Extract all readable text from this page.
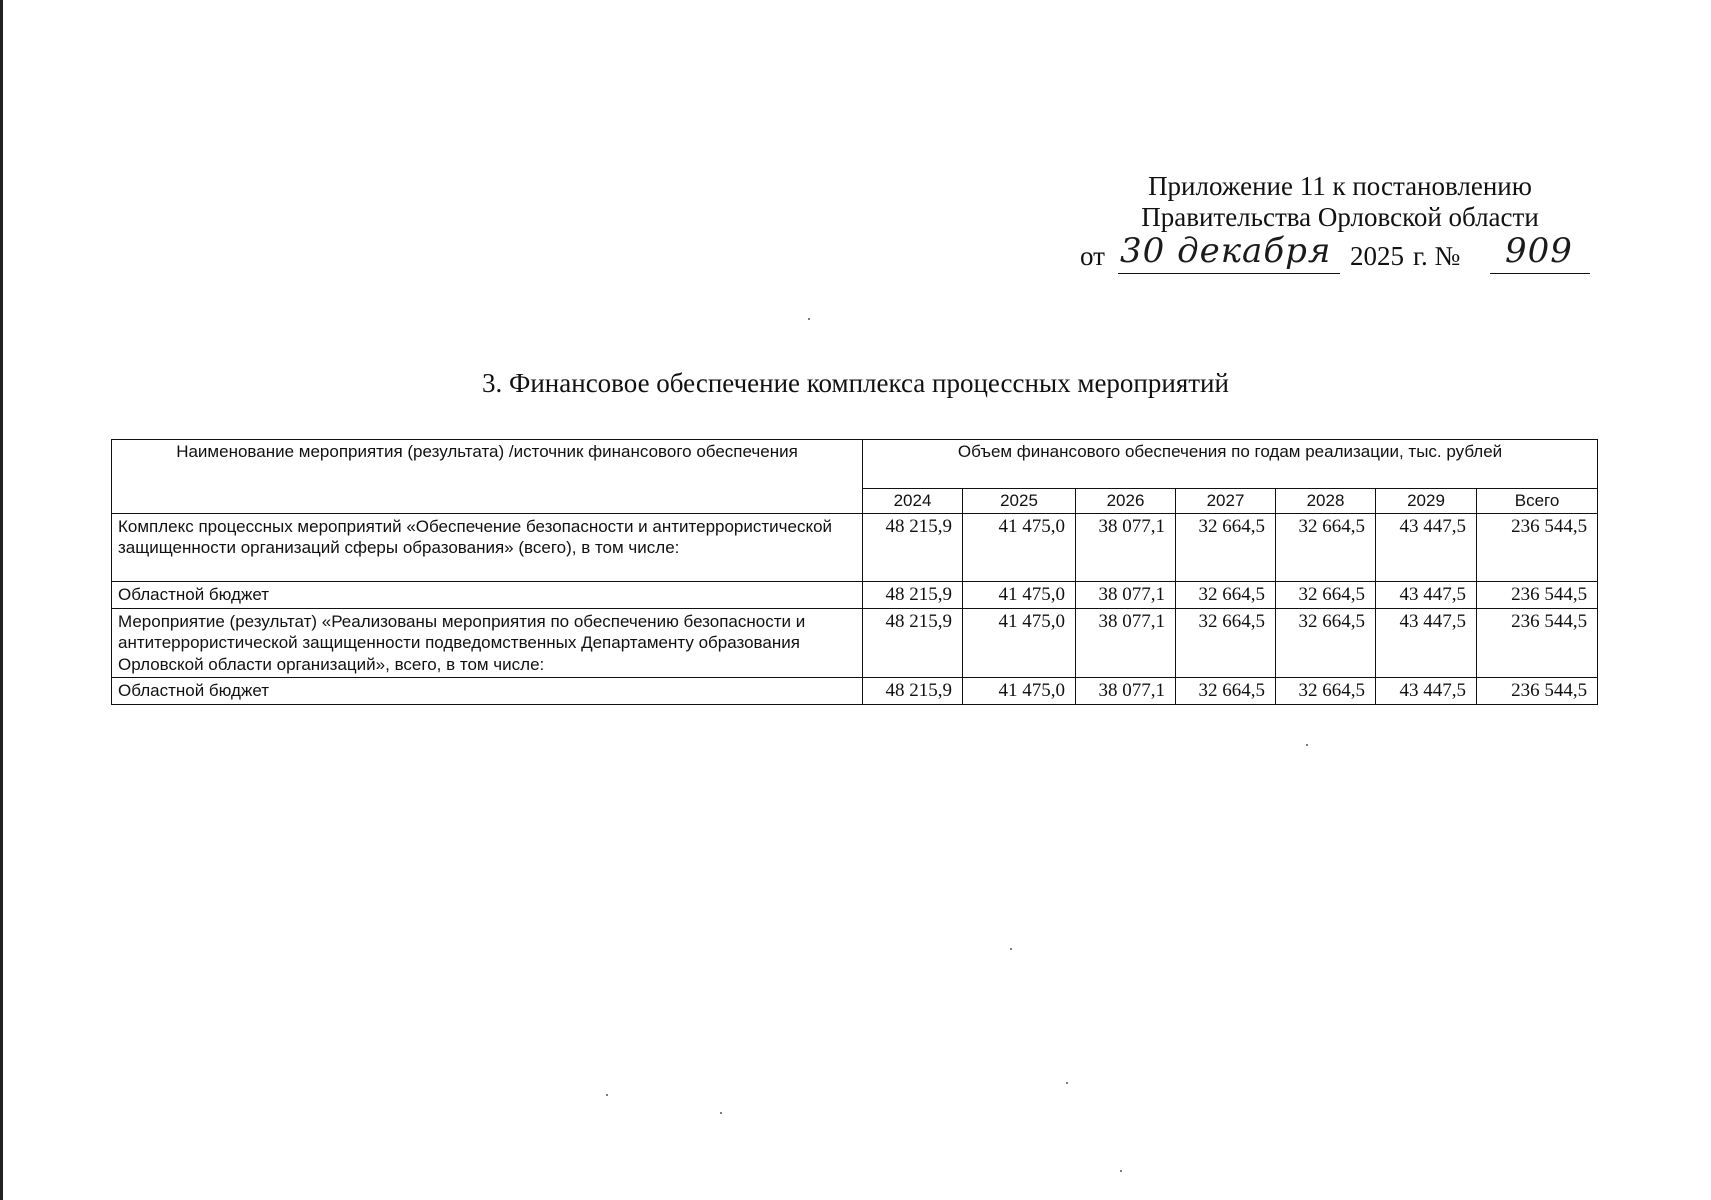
Приложение 11 к постановлению
Правительства Орловской области
от 30 декабря 2025 г. № 909
3. Финансовое обеспечение комплекса процессных мероприятий
Наименование мероприятия (результата) /источник финансового обеспечения	Объем финансового обеспечения по годам реализации, тыс. рублей						
	2024	2025	2026	2027	2028	2029	Всего
Комплекс процессных мероприятий «Обеспечение безопасности и антитеррористической защищенности организаций сферы образования» (всего), в том числе:	48 215,9	41 475,0	38 077,1	32 664,5	32 664,5	43 447,5	236 544,5
Областной бюджет	48 215,9	41 475,0	38 077,1	32 664,5	32 664,5	43 447,5	236 544,5
Мероприятие (результат) «Реализованы мероприятия по обеспечению безопасности и антитеррористической защищенности подведомственных Департаменту образования Орловской области организаций», всего, в том числе:	48 215,9	41 475,0	38 077,1	32 664,5	32 664,5	43 447,5	236 544,5
Областной бюджет	48 215,9	41 475,0	38 077,1	32 664,5	32 664,5	43 447,5	236 544,5
